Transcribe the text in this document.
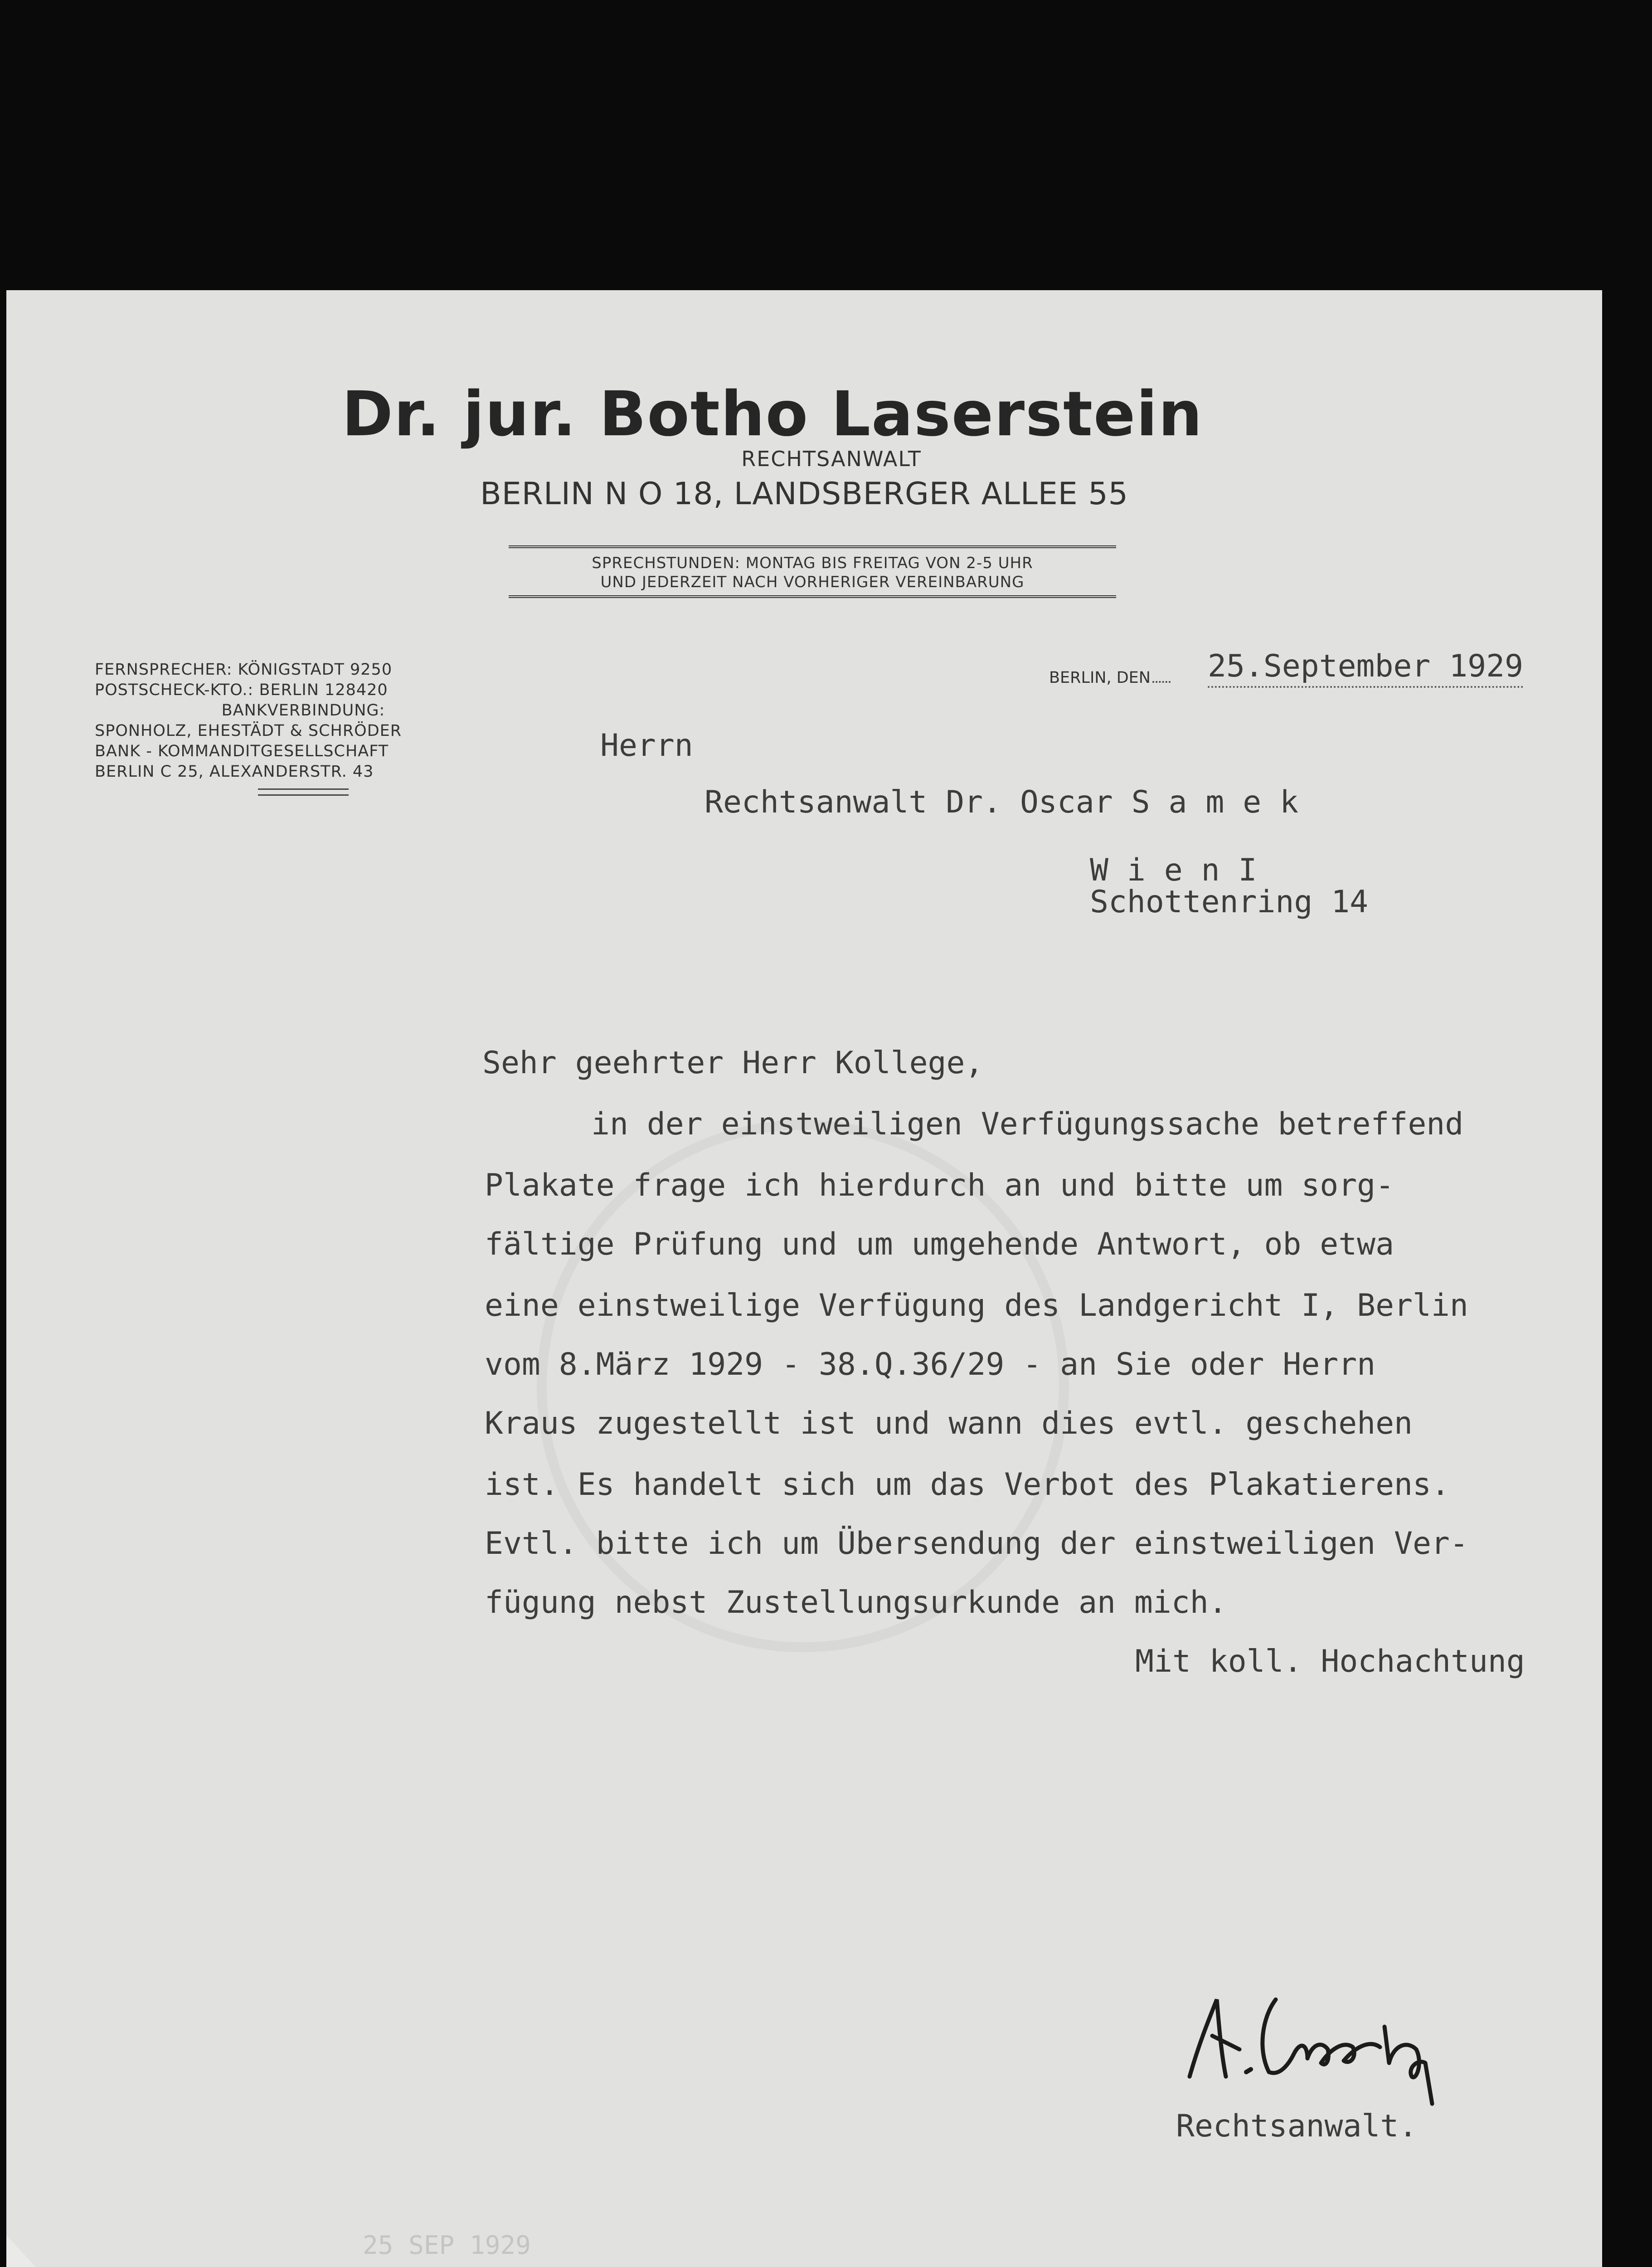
Dr. jur. Botho Laserstein
RECHTSANWALT
BERLIN N O 18, LANDSBERGER ALLEE 55
SPRECHSTUNDEN: MONTAG BIS FREITAG VON 2-5 UHR
UND JEDERZEIT NACH VORHERIGER VEREINBARUNG
FERNSPRECHER: KÖNIGSTADT 9250
POSTSCHECK-KTO.: BERLIN 128420
BANKVERBINDUNG:
SPONHOLZ, EHESTÄDT & SCHRÖDER
BANK - KOMMANDITGESELLSCHAFT
BERLIN C 25, ALEXANDERSTR. 43
BERLIN, DEN	25.September 1929
Herrn
Rechtsanwalt Dr. Oscar S a m e k
W i e n I
Schottenring 14
Sehr geehrter Herr Kollege,
in der einstweiligen Verfügungssache betreffend
Plakate frage ich hierdurch an und bitte um sorg-
fältige Prüfung und um umgehende Antwort, ob etwa
eine einstweilige Verfügung des Landgericht I, Berlin
vom 8.März 1929 - 38.Q.36/29 - an Sie oder Herrn
Kraus zugestellt ist und wann dies evtl. geschehen
ist. Es handelt sich um das Verbot des Plakatierens.
Evtl. bitte ich um Übersendung der einstweiligen Ver-
fügung nebst Zustellungsurkunde an mich.
Mit koll. Hochachtung
Rechtsanwalt.
25 SEP 1929
